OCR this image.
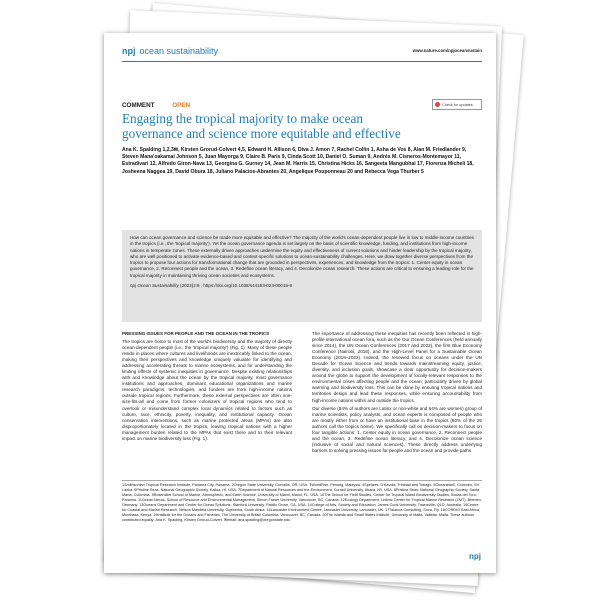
npj ocean sustainability	www.nature.com/npjoceansustain
COMMENT	OPEN	Check for updates
Engaging the tropical majority to make ocean governance and science more equitable and effective
Ana K. Spalding 1,2,3✉, Kirsten Grorud-Colvert 4,5, Edward H. Allison 6, Diva J. Amon 7, Rachel Collin 1, Asha de Vos 8, Alan M. Friedlander 9, Steven Mana'oakamai Johnson 5, Juan Mayorga 9, Claire B. Paris 9, Cinda Scott 10, Daniel O. Suman 9, Andrés M. Cisneros-Montemayor 11, Estradivari 12, Alfredo Giron-Nava 13, Georgina G. Gurney 14, Jean M. Harris 15, Christina Hicks 16, Sangeeta Mangubhai 17, Fiorenza Micheli 18, Josheena Naggea 19, David Obura 18, Juliano Palacios-Abrantes 20, Angelique Pouponneau 20 and Rebecca Vega Thurber 5

How can ocean governance and science be made more equitable and effective? The majority of the world's ocean-dependent people live in low to middle-income countries in the tropics (i.e., the 'tropical majority'). Yet the ocean governance agenda is set largely on the basis of scientific knowledge, funding, and institutions from high-income nations in temperate zones. These externally driven approaches undermine the equity and effectiveness of current solutions and hinder leadership by the tropical majority, who are well positioned to activate evidence-based and context-specific solutions to ocean-sustainability challenges. Here, we draw together diverse perspectives from the tropics to propose four actions for transformational change that are grounded in perspectives, experiences, and knowledge from the tropics: 1. Center equity in ocean governance, 2. Reconnect people and the ocean, 3. Redefine ocean literacy, and 4. Decolonize ocean research. These actions are critical to ensuring a leading role for the tropical majority in maintaining thriving ocean societies and ecosystems.

npj Ocean Sustainability (2023)2:8 ; https://doi.org/10.1038/s44183-023-00015-9

PRESSING ISSUES FOR PEOPLE AND THE OCEAN IN THE TROPICS

The tropics are home to most of the world's biodiversity and the majority of directly ocean-dependent people (i.e., the 'tropical majority') (Fig. 1). Many of these people reside in places where cultures and livelihoods are inextricably linked to the ocean, making their perspectives and knowledge uniquely valuable for identifying and addressing accelerating threats to marine ecosystems, and for understanding the limiting effects of systemic inequities in governance. Despite existing relationships with and knowledge about the ocean by the tropical majority, most governance institutions and approaches, dominant educational organizations and marine research paradigms, technologies, and funders are from high-income nations outside tropical regions. Furthermore, these external perspectives are often one-size-fits-all and come from former colonizers of tropical regions who tend to overlook or misunderstand complex local dynamics related to factors such as culture, race, ethnicity, poverty, inequality, and institutional capacity. Ocean conservation interventions, such as marine protected areas (MPAs) are also disproportionately located in the tropics, leaving tropical nations with a higher management burden related to the MPAs that exist there and to their relevant impact on marine biodiversity loss (Fig. 1).

The importance of addressing these inequities has recently been reflected in high-profile international ocean fora, such as the Our Ocean Conferences (held annually since 2014), the UN Ocean Conferences (2017 and 2022), the first Blue Economy Conference (Nairobi, 2018), and the High-Level Panel for a Sustainable Ocean Economy (2018–2022). Indeed, the renewed focus on oceans under the UN Decade for Ocean Science and trends towards mainstreaming equity, justice, diversity, and inclusion goals, showcase a clear opportunity for decision-makers around the globe to support the development of locally-relevant responses to the environmental crises affecting people and the ocean; particularly driven by global warming and biodiversity loss. This can be done by ensuring tropical nations and territories design and lead these responses, while ensuring accountability from high-income nations within and outside the tropics.

Our diverse (84% of authors are Latinx or non-white and 64% are women) group of marine scientists, policy analysts, and ocean experts is composed of people who are mostly either from or have an institutional base in the tropics (80% of the 25 authors call the tropics home). We specifically call on decision-makers to focus on four tangible actions: 1. Center equity in ocean governance, 2. Reconnect people and the ocean, 3. Redefine ocean literacy, and 4. Decolonize ocean science (inclusive of social and natural sciences). These directly address underlying barriers to solving pressing issues for people and the ocean and provide paths

1Smithsonian Tropical Research Institute, Panama City, Panama. 2Oregon State University, Corvallis, OR, USA. 3WorldFish, Penang, Malaysia. 4Spelizes, D'Kavdia, Trinidad and Tobago. 5Oceanswell, Colombo, Sri Lanka. 6Pristine Seas, National Geographic Society, Kailua, HI, USA. 7Department of Natural Resources and the Environment, Cornell University, Ithaca, NY, USA. 8Pristine Seas, National Geographic Society, Santa Marta, Colombia. 9Rosenstiel School of Marine, Atmospheric, and Earth Science, University of Miami, Miami, FL, USA. 10The School for Field Studies, Center for Tropical Island Biodiversity Studies, Bocas del Toro, Panama. 11Ocean Nexus, School of Resource and Environmental Management, Simon Fraser University, Vancouver, BC, Canada. 12Ecology Department, Leibniz Center for Tropical Marine Research (ZMT), Bremen, Germany. 13Oceans Department and Center for Ocean Solutions, Stanford University, Pacific Grove, CA, USA. 14College of Arts, Society and Education, James Cook University, Townsville, QLD, Australia. 15Centre for Coastal and Marine Research, Nelson Mandela University, Gqeberha, South Africa. 16Lancaster Environment Centre, Lancaster University, Lancaster, UK. 17Talanoa Consulting, Suva, Fiji. 18CORDIO East Africa, Mombasa, Kenya. 19Institute for the Oceans and Fisheries, The University of British Columbia, Vancouver, BC, Canada. 20The Islands and Small States Institute, University of Malta, Valletta, Malta. These authors contributed equally: Ana K. Spalding, Kirsten Grorud-Colvert. ✉email: ana.spalding@oregonstate.edu
npj
